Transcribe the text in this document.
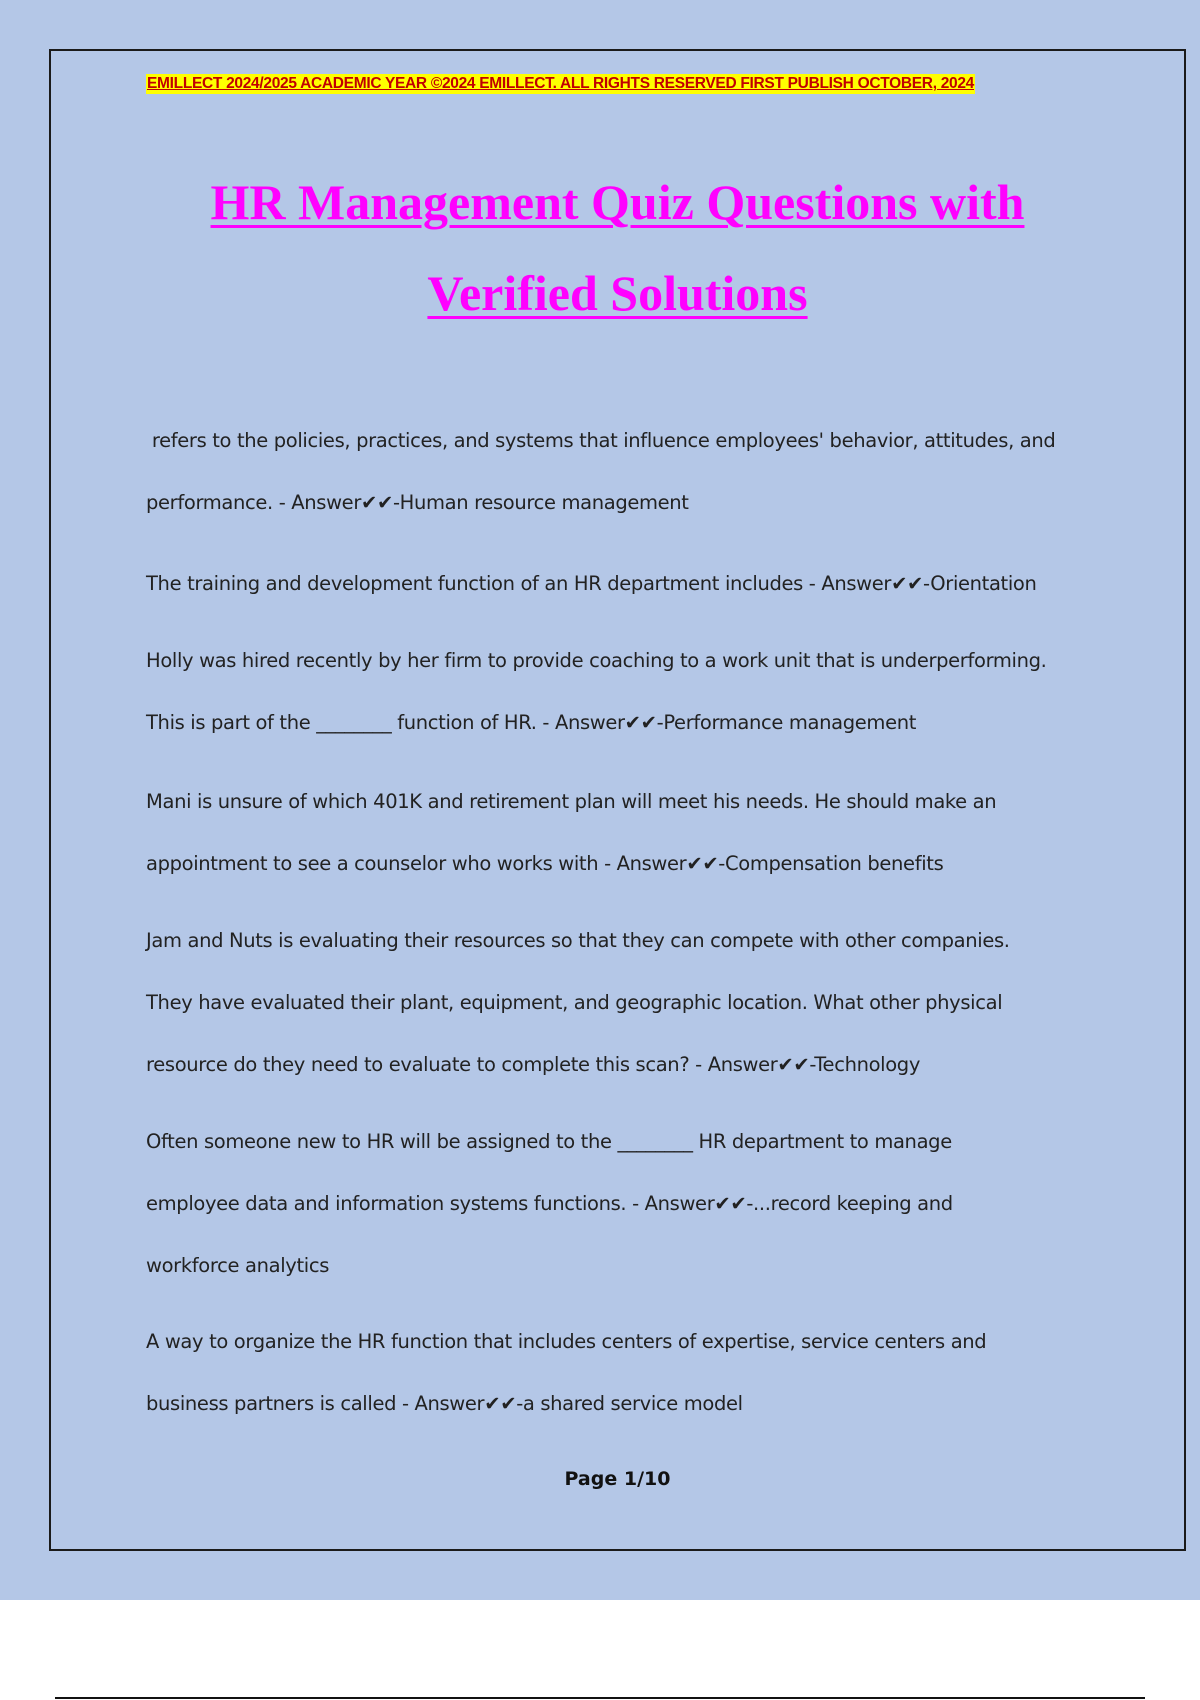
EMILLECT 2024/2025 ACADEMIC YEAR ©2024 EMILLECT. ALL RIGHTS RESERVED FIRST PUBLISH OCTOBER, 2024
HR Management Quiz Questions with
Verified Solutions
refers to the policies, practices, and systems that influence employees' behavior, attitudes, and
performance. - Answer✔✔-Human resource management
The training and development function of an HR department includes - Answer✔✔-Orientation
Holly was hired recently by her firm to provide coaching to a work unit that is underperforming.
This is part of the ________ function of HR. - Answer✔✔-Performance management
Mani is unsure of which 401K and retirement plan will meet his needs. He should make an
appointment to see a counselor who works with - Answer✔✔-Compensation benefits
Jam and Nuts is evaluating their resources so that they can compete with other companies.
They have evaluated their plant, equipment, and geographic location. What other physical
resource do they need to evaluate to complete this scan? - Answer✔✔-Technology
Often someone new to HR will be assigned to the ________ HR department to manage
employee data and information systems functions. - Answer✔✔-...record keeping and
workforce analytics
A way to organize the HR function that includes centers of expertise, service centers and
business partners is called - Answer✔✔-a shared service model
Page 1/10
